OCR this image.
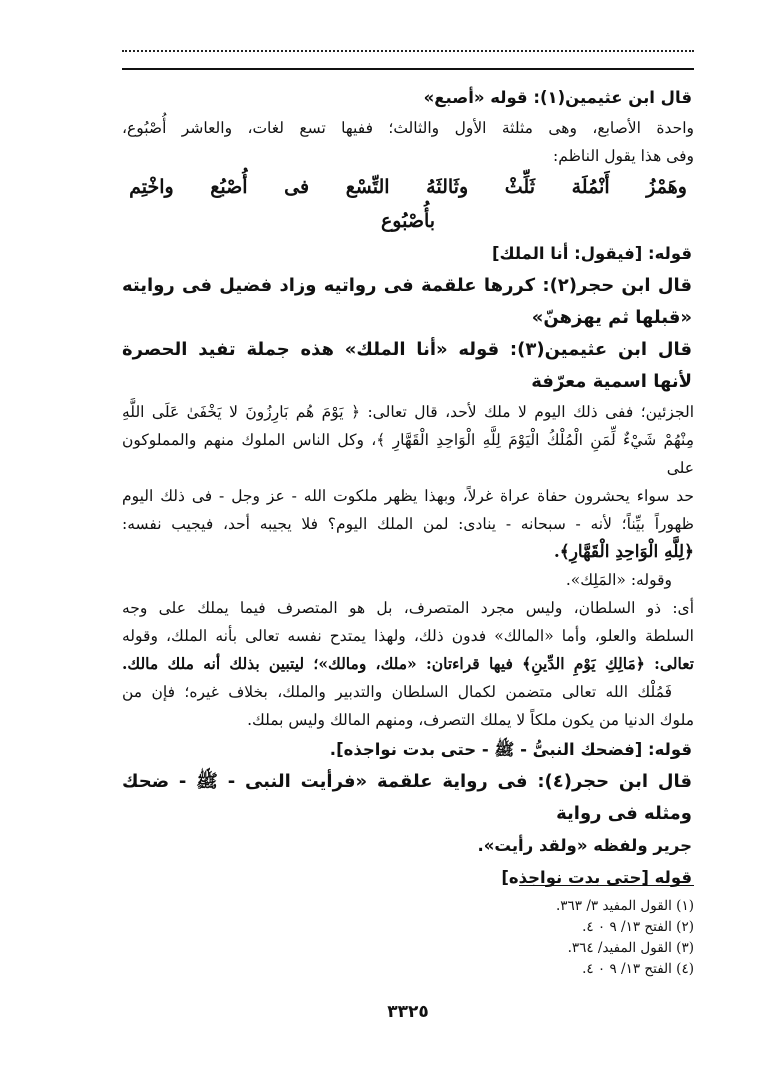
قال ابن عثيمين(١): قوله «أصبع»

واحدة الأصابع، وهى مثلثة الأول والثالث؛ ففيها تسع لغات، والعاشر أُصْبُوع،

وفى هذا يقول الناظم:

وهَمْزُ أَنْمُلَة ثَلِّثْ وثَالثَهُ التِّسْع فى أُصْبُع واخْتِم بأُصْبُوع

قوله: [فيقول: أنا الملك]

قال ابن حجر(٢): كررها علقمة فى رواتيه وزاد فضيل فى روايته «قبلها ثم يهزهنّ»

قال ابن عثيمين(٣): قوله «أنا الملك» هذه جملة تفيد الحصرة لأنها اسمية معرّفة

الجزئين؛ ففى ذلك اليوم لا ملك لأحد، قال تعالى: ﴿ يَوْمَ هُم بَارِزُونَ لا يَخْفَىٰ عَلَى اللَّهِ

مِنْهُمْ شَيْءٌ لِّمَنِ الْمُلْكُ الْيَوْمَ لِلَّهِ الْوَاحِدِ الْقَهَّارِ ﴾، وكل الناس الملوك منهم والمملوكون على

حد سواء يحشرون حفاة عراة غرلاً، وبهذا يظهر ملكوت الله - عز وجل - فى ذلك اليوم

ظهوراً بيِّناً؛ لأنه - سبحانه - ينادى: لمن الملك اليوم؟ فلا يجيبه أحد، فيجيب نفسه:

﴿لِلَّهِ الْوَاحِدِ الْقَهَّارِ﴾.

وقوله: «المَلِك».

أى: ذو السلطان، وليس مجرد المتصرف، بل هو المتصرف فيما يملك على وجه

السلطة والعلو، وأما «المالك» فدون ذلك، ولهذا يمتدح نفسه تعالى بأنه الملك، وقوله

تعالى: ﴿مَالِكِ يَوْمِ الدِّينِ﴾ فيها قراءتان: «ملك، ومالك»؛ ليتبين بذلك أنه ملك مالك.

فَمُلْك الله تعالى متضمن لكمال السلطان والتدبير والملك، بخلاف غيره؛ فإن من

ملوك الدنيا من يكون ملكاً لا يملك التصرف، ومنهم المالك وليس بملك.

قوله: [فضحك النبىُّ - ﷺ - حتى بدت نواجذه].

قال ابن حجر(٤): فى رواية علقمة «فرأيت النبى - ﷺ - ضحك ومثله فى رواية

جرير ولفظه «ولقد رأيت».

قوله [حتى بدت نواجذه]

(١) القول المفيد ٣/ ٣٦٣.

(٢) الفتح ١٣/ ٩ ٠ ٤.

(٣) القول المفيد/ ٣٦٤.

(٤) الفتح ١٣/ ٩ ٠ ٤.

٣٣٢٥
